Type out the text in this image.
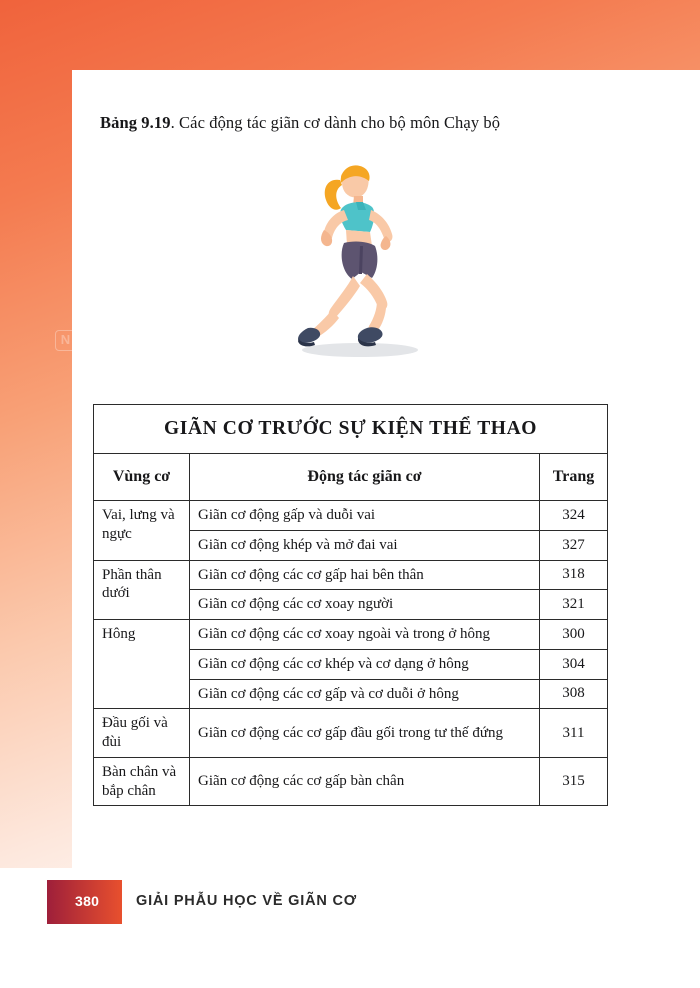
Bảng 9.19. Các động tác giãn cơ dành cho bộ môn Chạy bộ
N NetaBooks .vn
GIÃN CƠ TRƯỚC SỰ KIỆN THỂ THAO		
Vùng cơ	Động tác giãn cơ	Trang
Vai, lưng và ngực	Giãn cơ động gấp và duỗi vai	324
	Giãn cơ động khép và mở đai vai	327
Phần thân dưới	Giãn cơ động các cơ gấp hai bên thân	318
	Giãn cơ động các cơ xoay người	321
Hông	Giãn cơ động các cơ xoay ngoài và trong ở hông	300
	Giãn cơ động các cơ khép và cơ dạng ở hông	304
	Giãn cơ động các cơ gấp và cơ duỗi ở hông	308
Đầu gối và đùi	Giãn cơ động các cơ gấp đầu gối trong tư thế đứng	311
Bàn chân và bắp chân	Giãn cơ động các cơ gấp bàn chân	315
380	GIẢI PHẪU HỌC VỀ GIÃN CƠ
